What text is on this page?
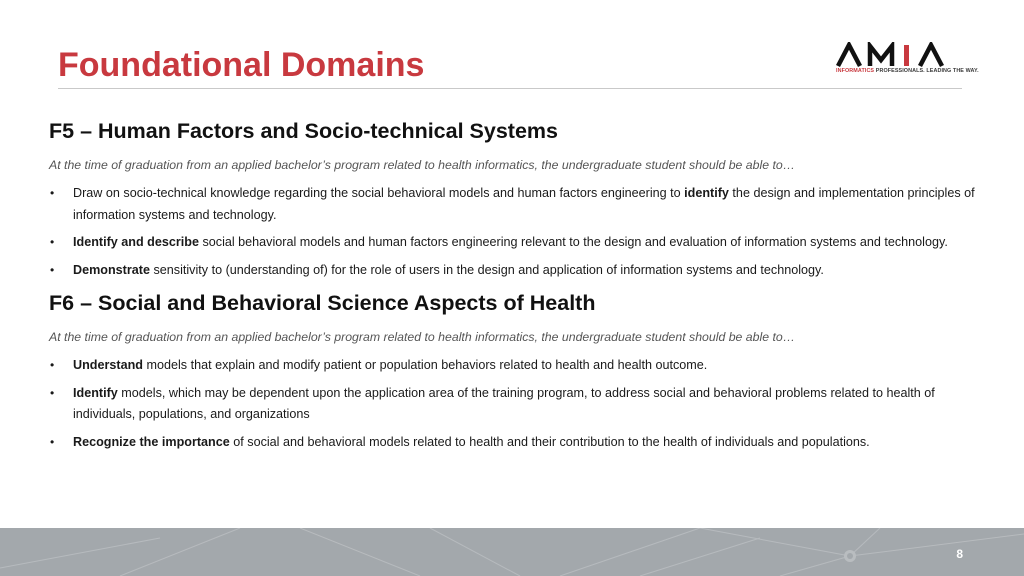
Foundational Domains	INFORMATICS PROFESSIONALS. LEADING THE WAY.
F5 – Human Factors and Socio-technical Systems

At the time of graduation from an applied bachelor’s program related to health informatics, the undergraduate student should be able to…

• Draw on socio-technical knowledge regarding the social behavioral models and human factors engineering to identify the design and implementation principles of information systems and technology.
• Identify and describe social behavioral models and human factors engineering relevant to the design and evaluation of information systems and technology.
• Demonstrate sensitivity to (understanding of) for the role of users in the design and application of information systems and technology.
F6 – Social and Behavioral Science Aspects of Health

At the time of graduation from an applied bachelor’s program related to health informatics, the undergraduate student should be able to…

• Understand models that explain and modify patient or population behaviors related to health and health outcome.
• Identify models, which may be dependent upon the application area of the training program, to address social and behavioral problems related to health of individuals, populations, and organizations
• Recognize the importance of social and behavioral models related to health and their contribution to the health of individuals and populations.
8
